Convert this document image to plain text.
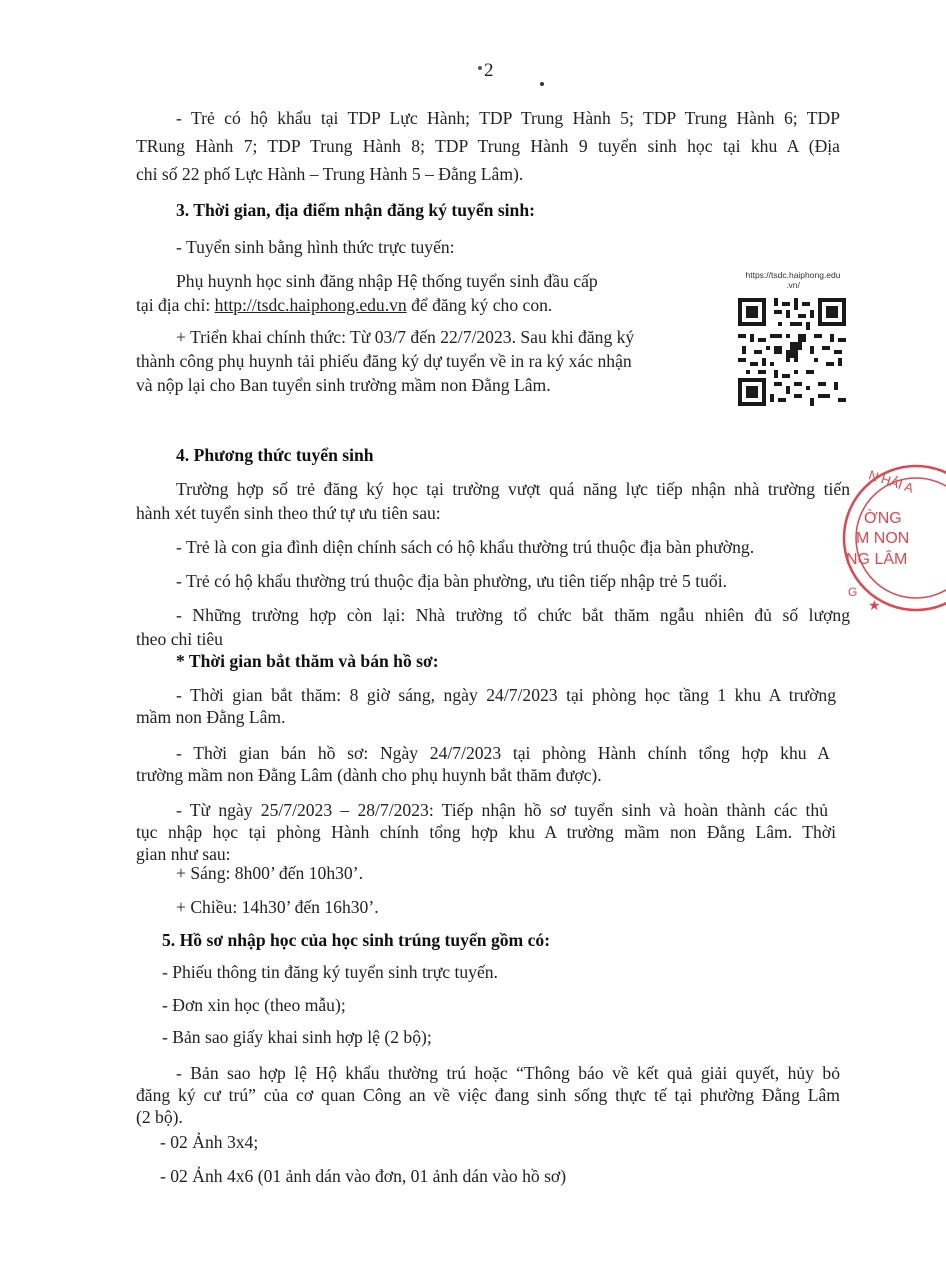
2
- Trẻ có hộ khẩu tại TDP Lực Hành; TDP Trung Hành 5; TDP Trung Hành 6; TDP
TRung Hành 7; TDP Trung Hành 8; TDP Trung Hành 9 tuyển sinh học tại khu A (Địa
chỉ số 22 phố Lực Hành – Trung Hành 5 – Đằng Lâm).
3. Thời gian, địa điểm nhận đăng ký tuyển sinh:
- Tuyển sinh bằng hình thức trực tuyến:
Phụ huynh học sinh đăng nhập Hệ thống tuyển sinh đầu cấp
tại địa chỉ: http://tsdc.haiphong.edu.vn để đăng ký cho con.
+ Triển khai chính thức: Từ 03/7 đến 22/7/2023. Sau khi đăng ký
thành công phụ huynh tải phiếu đăng ký dự tuyển về in ra ký xác nhận
và nộp lại cho Ban tuyển sinh trường mầm non Đằng Lâm.
https://tsdc.haiphong.edu
.vn/
4. Phương thức tuyển sinh
Trường hợp số trẻ đăng ký học tại trường vượt quá năng lực tiếp nhận nhà trường tiến
hành xét tuyển sinh theo thứ tự ưu tiên sau:
- Trẻ là con gia đình diện chính sách có hộ khẩu thường trú thuộc địa bàn phường.
- Trẻ có hộ khẩu thường trú thuộc địa bàn phường, ưu tiên tiếp nhập trẻ 5 tuổi.
- Những trường hợp còn lại: Nhà trường tổ chức bắt thăm ngẫu nhiên đủ số lượng
theo chỉ tiêu
* Thời gian bắt thăm và bán hồ sơ:
- Thời gian bắt thăm: 8 giờ sáng, ngày 24/7/2023 tại phòng học tầng 1 khu A trường
mầm non Đằng Lâm.
- Thời gian bán hồ sơ: Ngày 24/7/2023 tại phòng Hành chính tổng hợp khu A
trường mầm non Đằng Lâm (dành cho phụ huynh bắt thăm được).
- Từ ngày 25/7/2023 – 28/7/2023: Tiếp nhận hồ sơ tuyển sinh và hoàn thành các thủ
tục nhập học tại phòng Hành chính tổng hợp khu A trường mầm non Đằng Lâm. Thời
gian như sau:
+ Sáng: 8h00’ đến 10h30’.
+ Chiều: 14h30’ đến 16h30’.
5. Hồ sơ nhập học của học sinh trúng tuyển gồm có:
- Phiếu thông tin đăng ký tuyển sinh trực tuyến.
- Đơn xin học (theo mẫu);
- Bản sao giấy khai sinh hợp lệ (2 bộ);
- Bản sao hợp lệ Hộ khẩu thường trú hoặc “Thông báo về kết quả giải quyết, hủy bỏ
đăng ký cư trú” của cơ quan Công an về việc đang sinh sống thực tế tại phường Đằng Lâm
(2 bộ).
- 02 Ảnh 3x4;
- 02 Ảnh 4x6 (01 ảnh dán vào đơn, 01 ảnh dán vào hồ sơ)
★
G
N HẢI A
ỜNG
M NON
NG LÂM
